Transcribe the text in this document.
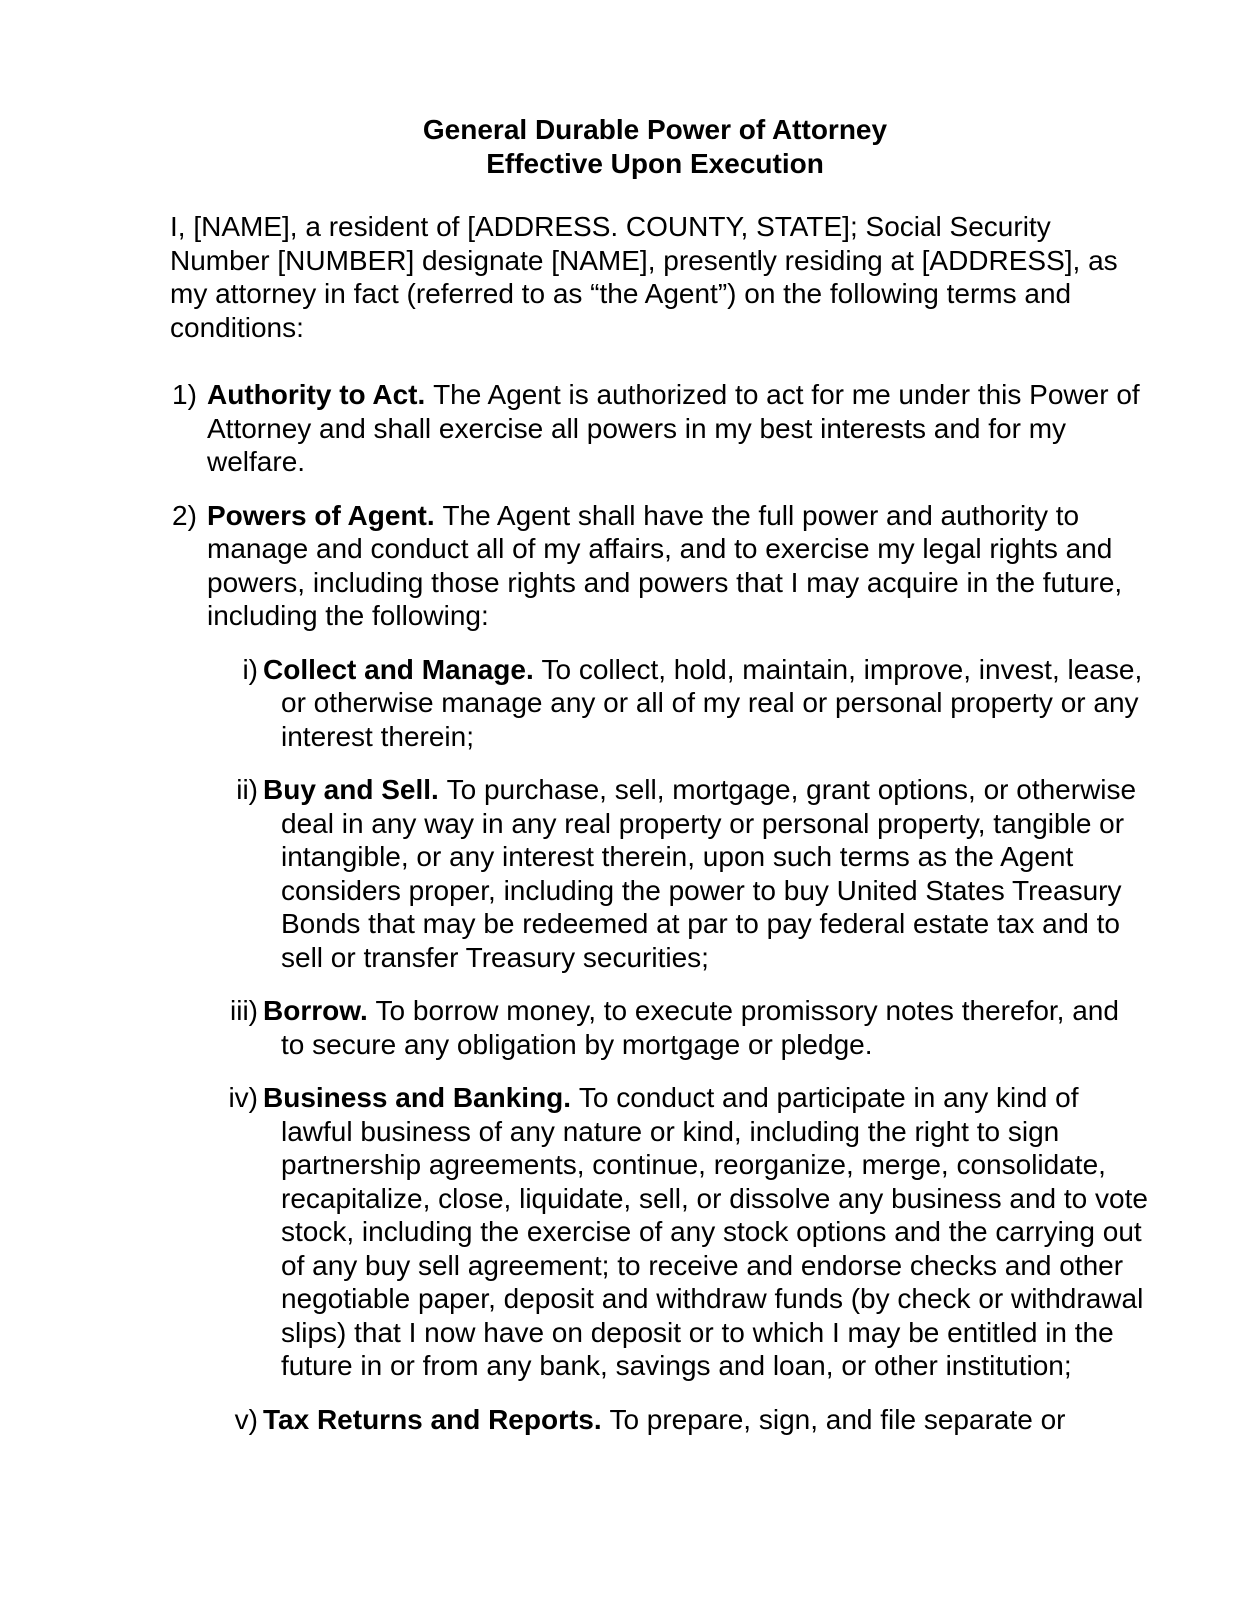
General Durable Power of Attorney
Effective Upon Execution

I, [NAME], a resident of [ADDRESS. COUNTY, STATE]; Social Security Number [NUMBER] designate [NAME], presently residing at [ADDRESS], as my attorney in fact (referred to as “the Agent”) on the following terms and conditions:

1) Authority to Act. The Agent is authorized to act for me under this Power of Attorney and shall exercise all powers in my best interests and for my welfare.
2) Powers of Agent. The Agent shall have the full power and authority to manage and conduct all of my affairs, and to exercise my legal rights and powers, including those rights and powers that I may acquire in the future, including the following:
i) Collect and Manage. To collect, hold, maintain, improve, invest, lease, or otherwise manage any or all of my real or personal property or any interest therein;
ii) Buy and Sell. To purchase, sell, mortgage, grant options, or otherwise deal in any way in any real property or personal property, tangible or intangible, or any interest therein, upon such terms as the Agent considers proper, including the power to buy United States Treasury Bonds that may be redeemed at par to pay federal estate tax and to sell or transfer Treasury securities;
iii) Borrow. To borrow money, to execute promissory notes therefor, and to secure any obligation by mortgage or pledge.
iv) Business and Banking. To conduct and participate in any kind of lawful business of any nature or kind, including the right to sign partnership agreements, continue, reorganize, merge, consolidate, recapitalize, close, liquidate, sell, or dissolve any business and to vote stock, including the exercise of any stock options and the carrying out of any buy sell agreement; to receive and endorse checks and other negotiable paper, deposit and withdraw funds (by check or withdrawal slips) that I now have on deposit or to which I may be entitled in the future in or from any bank, savings and loan, or other institution;
v) Tax Returns and Reports. To prepare, sign, and file separate or
